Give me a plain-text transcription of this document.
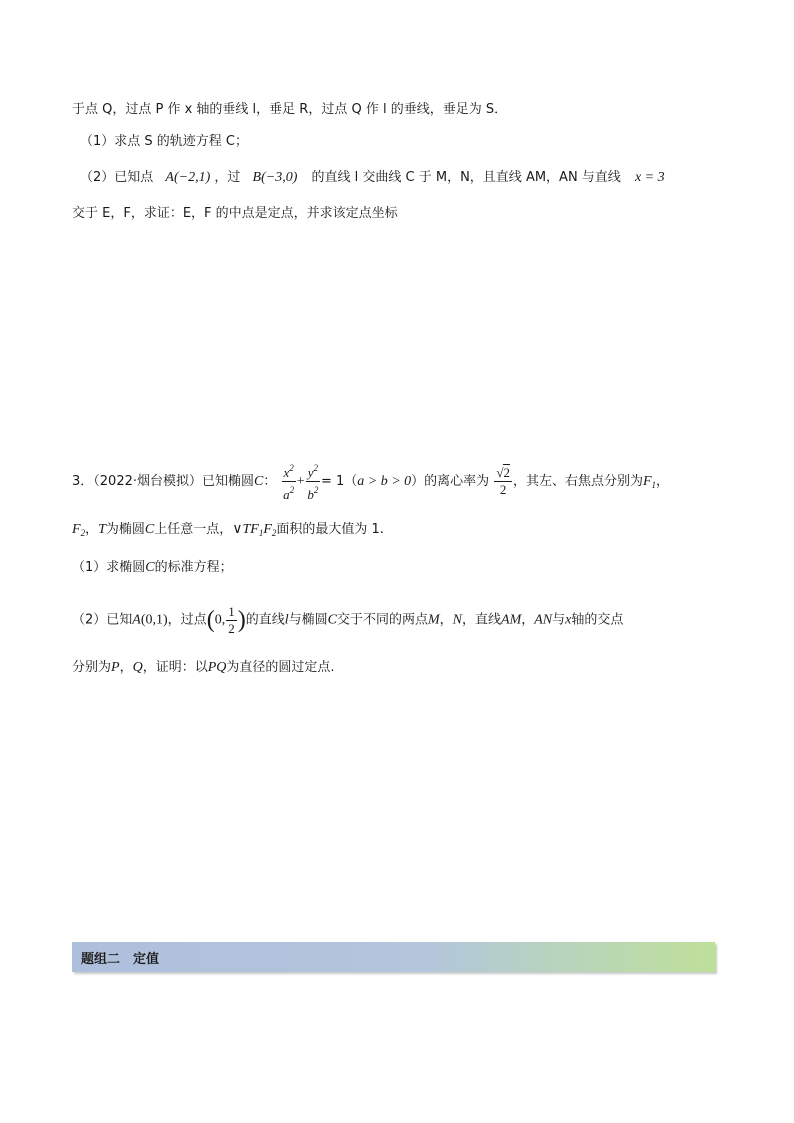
于点 Q，过点 P 作 x 轴的垂线 l，垂足 R，过点 Q 作 l 的垂线，垂足为 S．
（1）求点 S 的轨迹方程 C；
（2）已知点 A(−2,1) ，过 B(−3,0) 的直线 l 交曲线 C 于 M，N，且直线 AM，AN 与直线 x = 3
交于 E，F，求证：E，F 的中点是定点，并求该定点坐标
3．（2022·烟台模拟）已知椭圆C： $\frac{x^2}{a^2} + \frac{y^2}{b^2} = 1(a > b > 0)$的离心率为 $\frac{√2}{2}$ ，其左、右焦点分别为$F_1$，
$F_2$，T为椭圆C上任意一点，$\vee TF_1F_2$面积的最大值为 1.
（1）求椭圆C的标准方程；
（2）已知A(0,1)，过点(0, $\frac{1}{2}$ )的直线l与椭圆C交于不同的两点M，N，直线AM，AN与x轴的交点
分别为P，Q，证明：以PQ为直径的圆过定点.
题组二　定值
